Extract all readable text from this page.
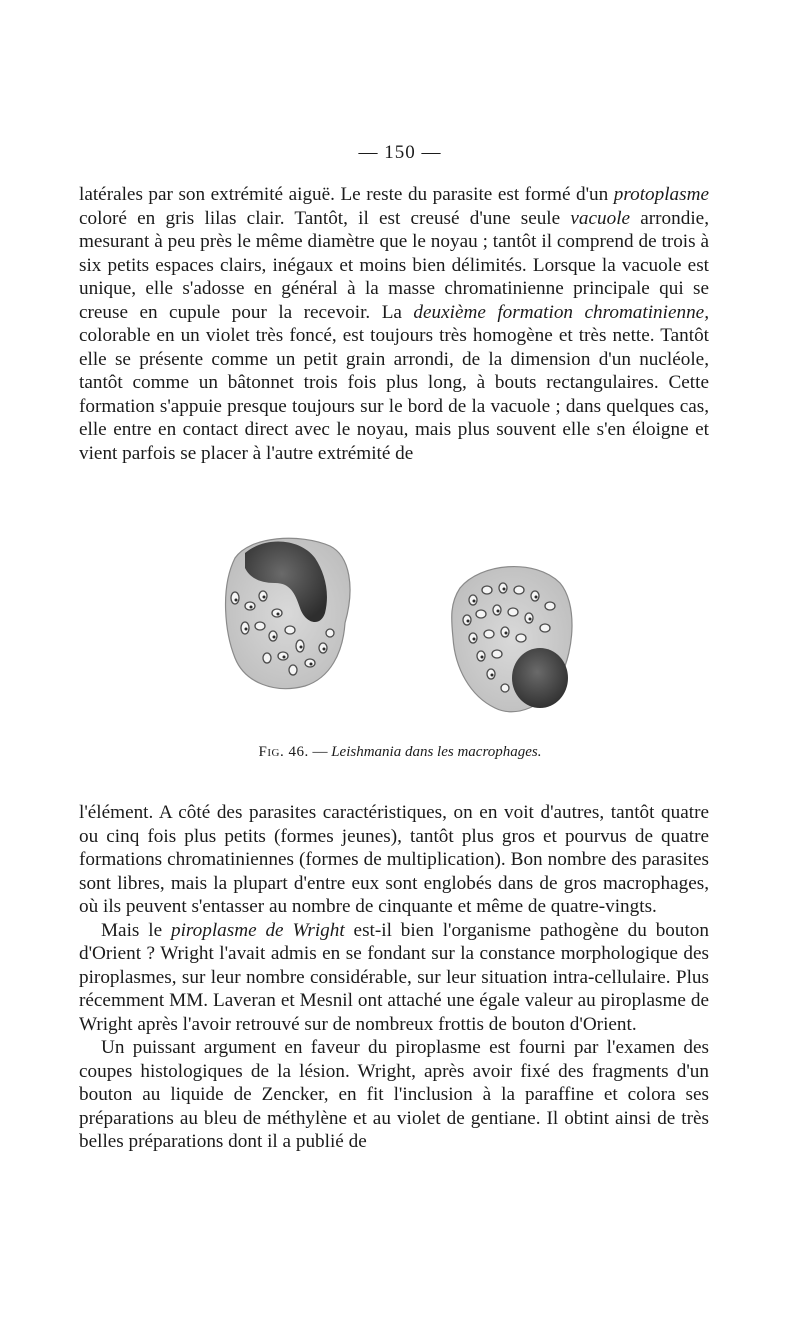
— 150 —

latérales par son extrémité aiguë. Le reste du parasite est formé d'un protoplasme coloré en gris lilas clair. Tantôt, il est creusé d'une seule vacuole arrondie, mesurant à peu près le même diamètre que le noyau ; tantôt il comprend de trois à six petits espaces clairs, inégaux et moins bien délimités. Lorsque la vacuole est unique, elle s'adosse en général à la masse chromatinienne principale qui se creuse en cupule pour la recevoir. La deuxième formation chromatinienne, colorable en un violet très foncé, est toujours très homogène et très nette. Tantôt elle se présente comme un petit grain arrondi, de la dimension d'un nucléole, tantôt comme un bâtonnet trois fois plus long, à bouts rectangulaires. Cette formation s'appuie presque toujours sur le bord de la vacuole ; dans quelques cas, elle entre en contact direct avec le noyau, mais plus souvent elle s'en éloigne et vient parfois se placer à l'autre extrémité de

Fig. 46. — Leishmania dans les macrophages.

l'élément. A côté des parasites caractéristiques, on en voit d'autres, tantôt quatre ou cinq fois plus petits (formes jeunes), tantôt plus gros et pourvus de quatre formations chromatiniennes (formes de multiplication). Bon nombre des parasites sont libres, mais la plupart d'entre eux sont englobés dans de gros macrophages, où ils peuvent s'entasser au nombre de cinquante et même de quatre-vingts.

Mais le piroplasme de Wright est-il bien l'organisme pathogène du bouton d'Orient ? Wright l'avait admis en se fondant sur la constance morphologique des piroplasmes, sur leur nombre considérable, sur leur situation intra-cellulaire. Plus récemment MM. Laveran et Mesnil ont attaché une égale valeur au piroplasme de Wright après l'avoir retrouvé sur de nombreux frottis de bouton d'Orient.

Un puissant argument en faveur du piroplasme est fourni par l'examen des coupes histologiques de la lésion. Wright, après avoir fixé des fragments d'un bouton au liquide de Zencker, en fit l'inclusion à la paraffine et colora ses préparations au bleu de méthylène et au violet de gentiane. Il obtint ainsi de très belles préparations dont il a publié de
